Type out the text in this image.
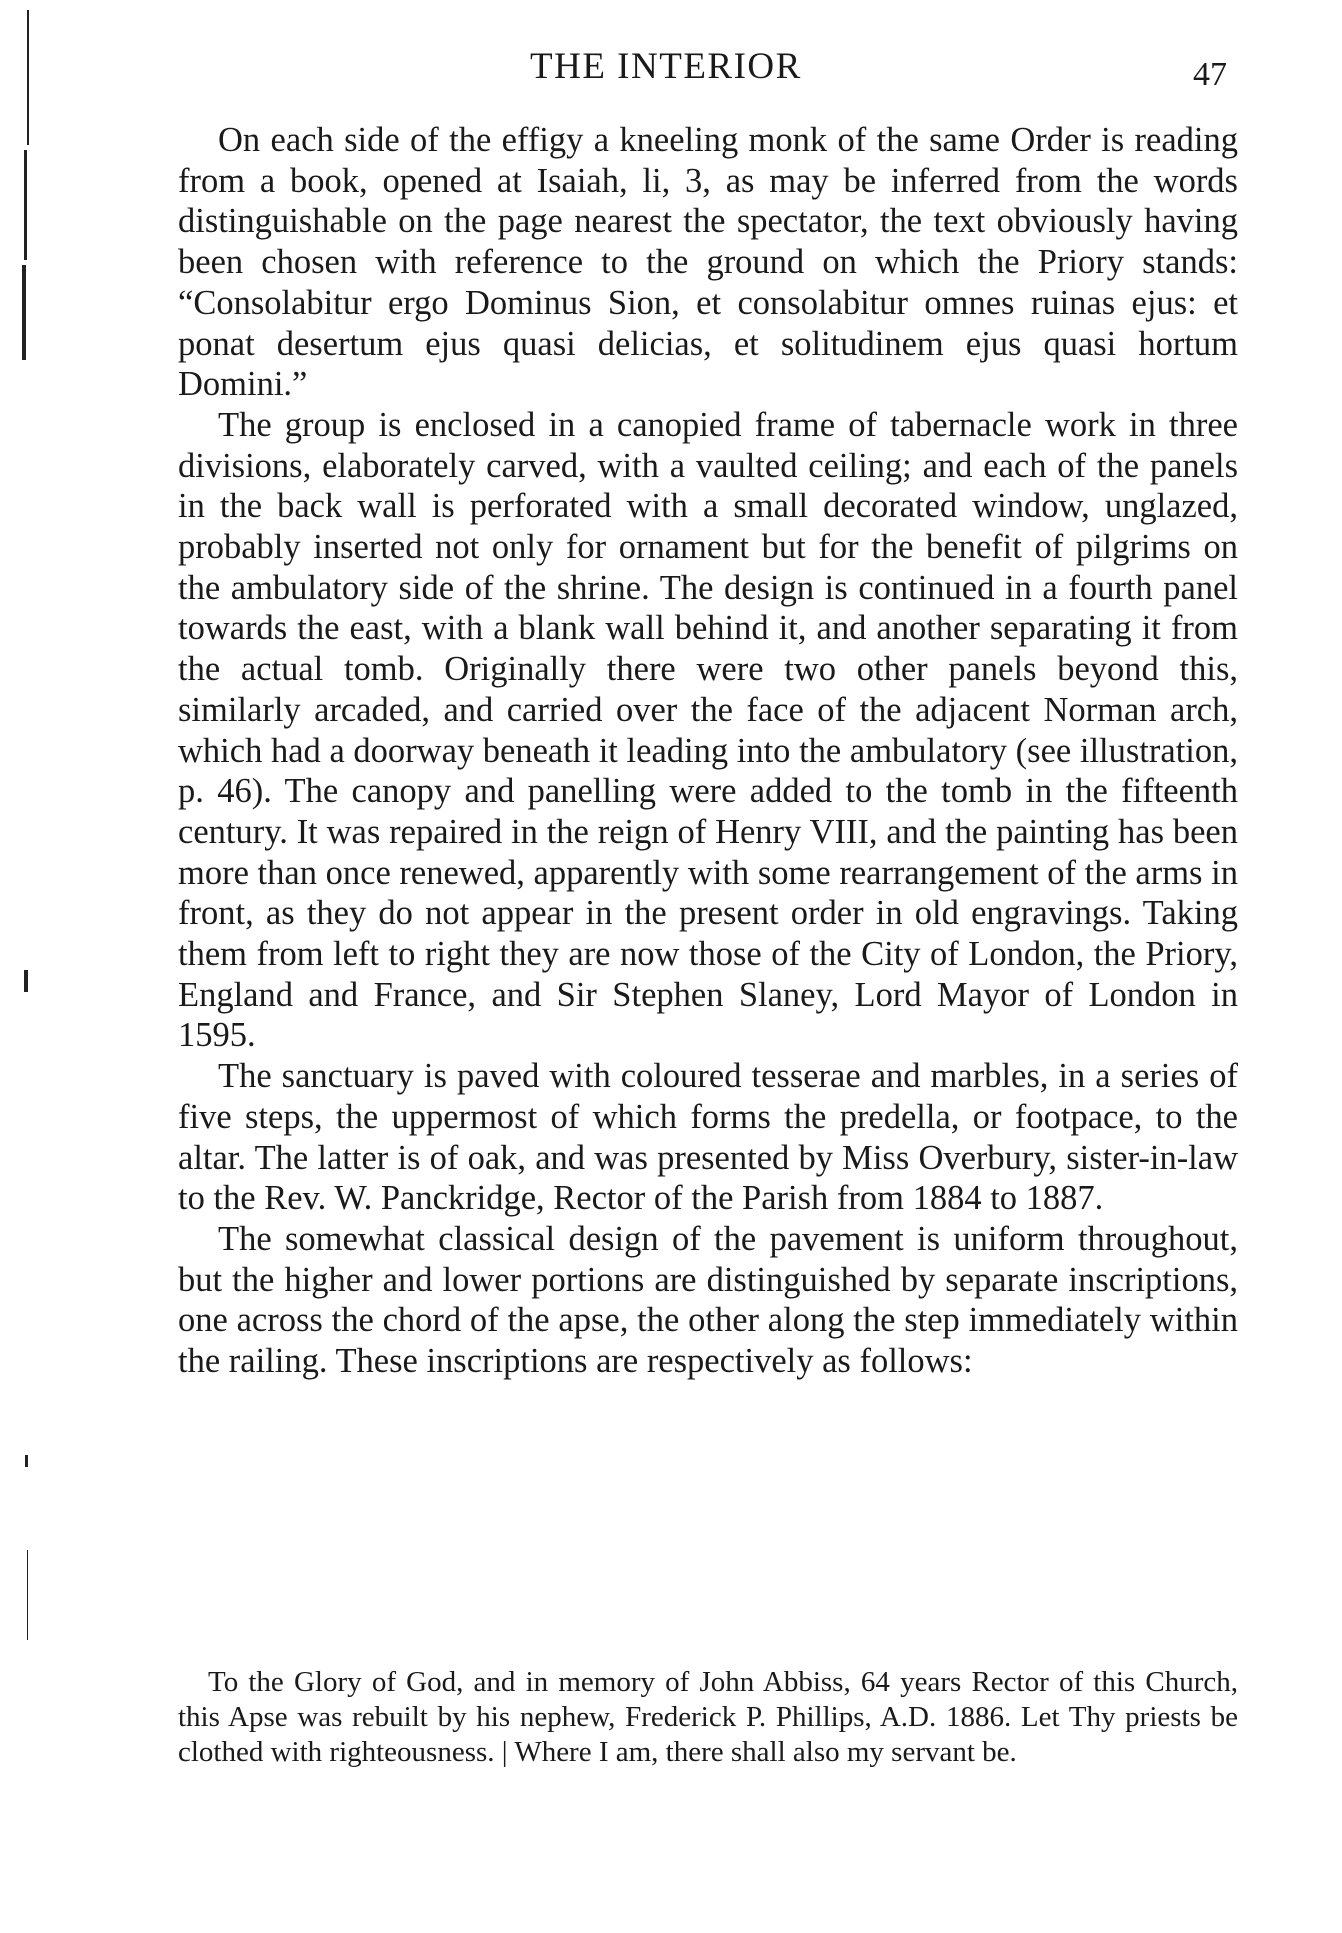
THE INTERIOR	47

On each side of the effigy a kneeling monk of the same Order is reading from a book, opened at Isaiah, li, 3, as may be inferred from the words distinguishable on the page nearest the spectator, the text obviously having been chosen with reference to the ground on which the Priory stands: “Consolabitur ergo Dominus Sion, et consolabitur omnes ruinas ejus: et ponat desertum ejus quasi delicias, et solitudinem ejus quasi hortum Domini.”

The group is enclosed in a canopied frame of tabernacle work in three divisions, elaborately carved, with a vaulted ceiling; and each of the panels in the back wall is perforated with a small decorated window, unglazed, probably inserted not only for ornament but for the benefit of pilgrims on the ambulatory side of the shrine. The design is continued in a fourth panel towards the east, with a blank wall behind it, and another separating it from the actual tomb. Originally there were two other panels beyond this, similarly arcaded, and carried over the face of the adjacent Norman arch, which had a doorway beneath it leading into the ambulatory (see illustration, p. 46). The canopy and panelling were added to the tomb in the fifteenth century. It was repaired in the reign of Henry VIII, and the painting has been more than once renewed, apparently with some rearrangement of the arms in front, as they do not appear in the present order in old engravings. Taking them from left to right they are now those of the City of London, the Priory, England and France, and Sir Stephen Slaney, Lord Mayor of London in 1595.

The sanctuary is paved with coloured tesserae and marbles, in a series of five steps, the uppermost of which forms the predella, or footpace, to the altar. The latter is of oak, and was presented by Miss Overbury, sister-in-law to the Rev. W. Panckridge, Rector of the Parish from 1884 to 1887.

The somewhat classical design of the pavement is uniform throughout, but the higher and lower portions are distinguished by separate inscriptions, one across the chord of the apse, the other along the step immediately within the railing. These inscriptions are respectively as follows:

To the Glory of God, and in memory of John Abbiss, 64 years Rector of this Church, this Apse was rebuilt by his nephew, Frederick P. Phillips, A.D. 1886. Let Thy priests be clothed with righteousness. | Where I am, there shall also my servant be.
